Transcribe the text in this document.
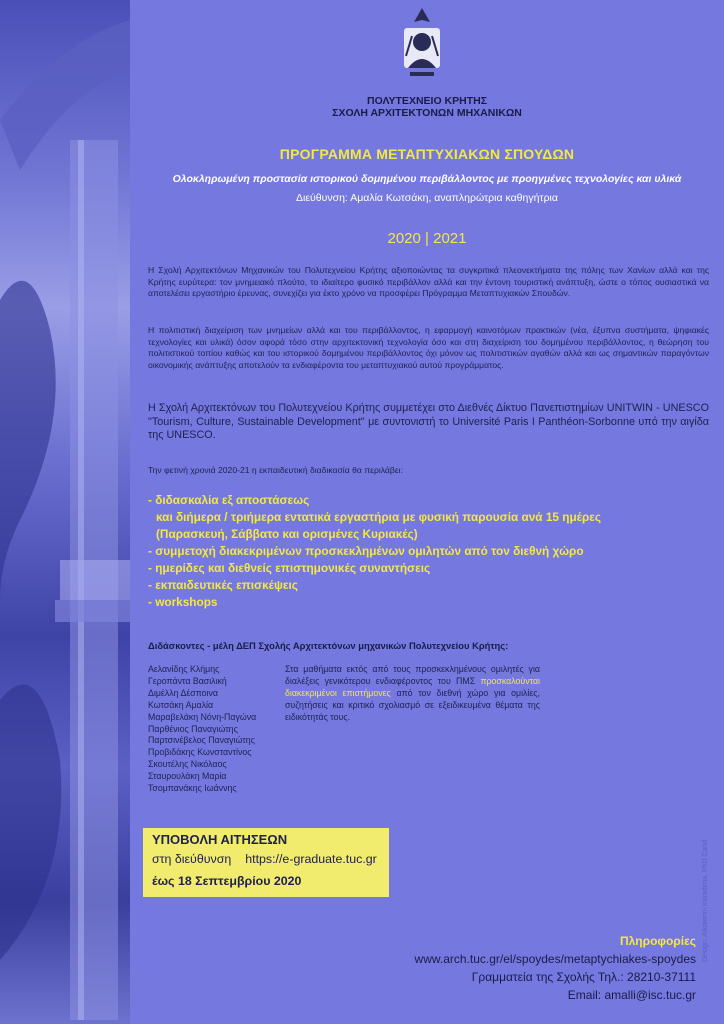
ΠΟΛΥΤΕΧΝΕΙΟ ΚΡΗΤΗΣ
ΣΧΟΛΗ ΑΡΧΙΤΕΚΤΟΝΩΝ ΜΗΧΑΝΙΚΩΝ
ΠΡΟΓΡΑΜΜΑ ΜΕΤΑΠΤΥΧΙΑΚΩΝ ΣΠΟΥΔΩΝ
Ολοκληρωμένη προστασία ιστορικού δομημένου περιβάλλοντος με προηγμένες τεχνολογίες και υλικά
Διεύθυνση: Αμαλία Κωτσάκη, αναπληρώτρια καθηγήτρια
2020 | 2021
Η Σχολή Αρχιτεκτόνων Μηχανικών του Πολυτεχνείου Κρήτης αξιοποιώντας τα συγκριτικά πλεονεκτήματα της πόλης των Χανίων αλλά και της Κρήτης ευρύτερα: τον μνημειακό πλούτο, το ιδιαίτερο φυσικό περιβάλλον αλλά και την έντονη τουριστική ανάπτυξη, ώστε ο τόπος ουσιαστικά να αποτελέσει εργαστήριο έρευνας, συνεχίζει για έκτο χρόνο να προσφέρει Πρόγραμμα Μεταπτυχιακών Σπουδών.
Η πολιτιστική διαχείριση των μνημείων αλλά και του περιβάλλοντος, η εφαρμογή καινοτόμων πρακτικών (νέα, έξυπνα συστήματα, ψηφιακές τεχνολογίες και υλικά) όσον αφορά τόσο στην αρχιτεκτονική τεχνολογία όσο και στη διαχείριση του δομημένου περιβάλλοντος, η θεώρηση του πολιτιστικού τοπίου καθώς και του ιστορικού δομημένου περιβάλλοντος όχι μόνον ως πολιτιστικών αγαθών αλλά και ως σημαντικών παραγόντων οικονομικής ανάπτυξης αποτελούν τα ενδιαφέροντα του μεταπτυχιακού αυτού προγράμματος.
Η Σχολή Αρχιτεκτόνων του Πολυτεχνείου Κρήτης συμμετέχει στο Διεθνές Δίκτυο Πανεπιστημίων UNITWIN - UNESCO "Tourism, Culture, Sustainable Development" με συντονιστή το Université Paris I Panthéon-Sorbonne υπό την αιγίδα της UNESCO.
Την φετινή χρονιά 2020-21 η εκπαιδευτική διαδικασία θα περιλάβει:
- διδασκαλία εξ αποστάσεως
και διήμερα / τριήμερα εντατικά εργαστήρια με φυσική παρουσία ανά 15 ημέρες
(Παρασκευή, Σάββατο και ορισμένες Κυριακές)
- συμμετοχή διακεκριμένων προσκεκλημένων ομιλητών από τον διεθνή χώρο
- ημερίδες και διεθνείς επιστημονικές συναντήσεις
- εκπαιδευτικές επισκέψεις
- workshops
Διδάσκοντες - μέλη ΔΕΠ Σχολής Αρχιτεκτόνων μηχανικών Πολυτεχνείου Κρήτης:
Αελανίδης Κλήμης
Γεροπάντα Βασιλική
Διμέλλη Δέσποινα
Κωτσάκη Αμαλία
Μαραβελάκη Νόνη-Παγώνα
Παρθένιος Παναγιώτης
Παρτσινέβελος Παναγιώτης
Προβιδάκης Κωνσταντίνος
Σκουτέλης Νικόλαος
Σταυρουλάκη Μαρία
Τσομπανάκης Ιωάννης
Στα μαθήματα εκτός από τους προσκεκλημένους ομιλητές για διαλέξεις γενικότερου ενδιαφέροντος του ΠΜΣ προσκαλούνται διακεκριμένοι επιστήμονες από τον διεθνή χώρο για ομιλίες, συζητήσεις και κριτικό σχολιασμό σε εξειδικευμένα θέματα της ειδικότητάς τους.
ΥΠΟΒΟΛΗ ΑΙΤΗΣΕΩΝ
στη διεύθυνση https://e-graduate.tuc.gr
έως 18 Σεπτεμβρίου 2020
Πληροφορίες
www.arch.tuc.gr/el/spoydes/metaptychiakes-spoydes
Γραμματεία της Σχολής Τηλ.: 28210-37111
Email: amalli@isc.tuc.gr
Design: Aikaterini Karadima, PhD Cand.
